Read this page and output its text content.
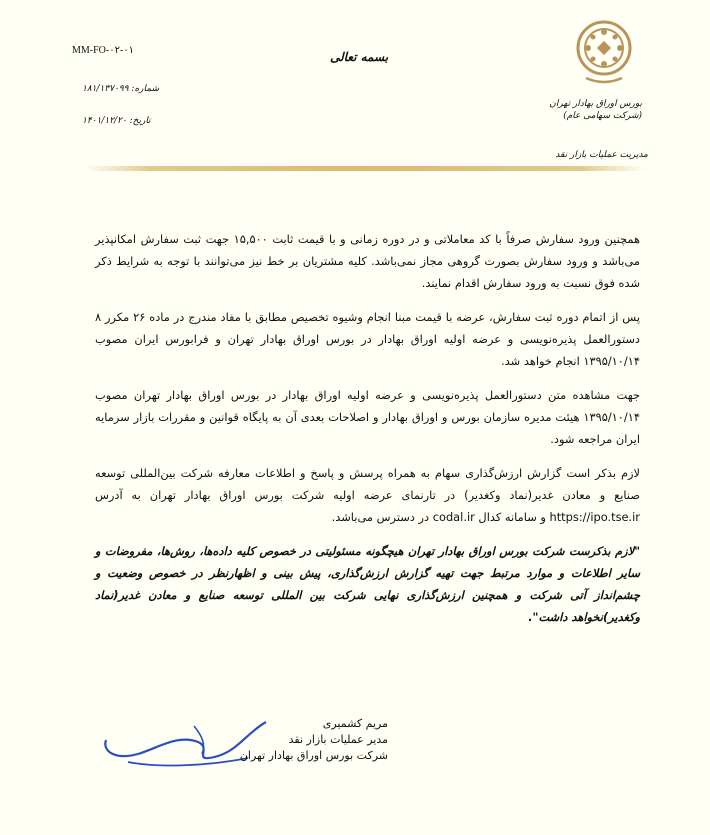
بورس اوراق بهادار تهران
(شرکت سهامی عام)
مدیریت عملیات بازار نقد
بسمه تعالی
MM-FO-۰۲-۰۱
شماره: ۱۸۱/۱۳۷۰۹۹
تاریخ: ۱۴۰۱/۱۲/۲۰

همچنین ورود سفارش صرفاً با کد معاملاتی و در دوره زمانی و با قیمت ثابت ۱۵,۵۰۰ جهت ثبت سفارش امکانپذیر می‌باشد و ورود سفارش بصورت گروهی مجاز نمی‌باشد. کلیه مشتریان بر خط نیز می‌توانند با توجه به شرایط ذکر شده فوق نسبت به ورود سفارش اقدام نمایند.

پس از اتمام دوره ثبت سفارش، عرضه با قیمت مبنا انجام وشیوه تخصیص مطابق با مفاد مندرج در ماده ۲۶ مکرر ۸ دستورالعمل پذیره‌نویسی و عرضه اولیه اوراق بهادار در بورس اوراق بهادار تهران و فرابورس ایران مصوب ۱۳۹۵/۱۰/۱۴ انجام خواهد شد.

جهت مشاهده متن دستورالعمل پذیره‌نویسی و عرضه اولیه اوراق بهادار در بورس اوراق بهادار تهران مصوب ۱۳۹۵/۱۰/۱۴ هیئت مدیره سازمان بورس و اوراق بهادار و اصلاحات بعدی آن به پایگاه قوانین و مقررات بازار سرمایه ایران مراجعه شود.

لازم بذکر است گزارش ارزش‌گذاری سهام به همراه پرسش و پاسخ و اطلاعات معارفه شرکت بین‌المللی توسعه صنایع و معادن غدیر(نماد وکغدیر) در تارنمای عرضه اولیه شرکت بورس اوراق بهادار تهران به آدرس https://ipo.tse.ir و سامانه کدال codal.ir در دسترس می‌باشد.

"لازم بذکرست شرکت بورس اوراق بهادار تهران هیچگونه مسئولیتی در خصوص کلیه داده‌ها، روش‌ها، مفروضات و سایر اطلاعات و موارد مرتبط جهت تهیه گزارش ارزش‌گذاری، پیش بینی و اظهارنظر در خصوص وضعیت و چشم‌انداز آتی شرکت و همچنین ارزش‌گذاری نهایی شرکت بین المللی توسعه صنایع و معادن غدیر(نماد وکغدیر)نخواهد داشت".

مریم کشمیری
مدیر عملیات بازار نقد
شرکت بورس اوراق بهادار تهران
